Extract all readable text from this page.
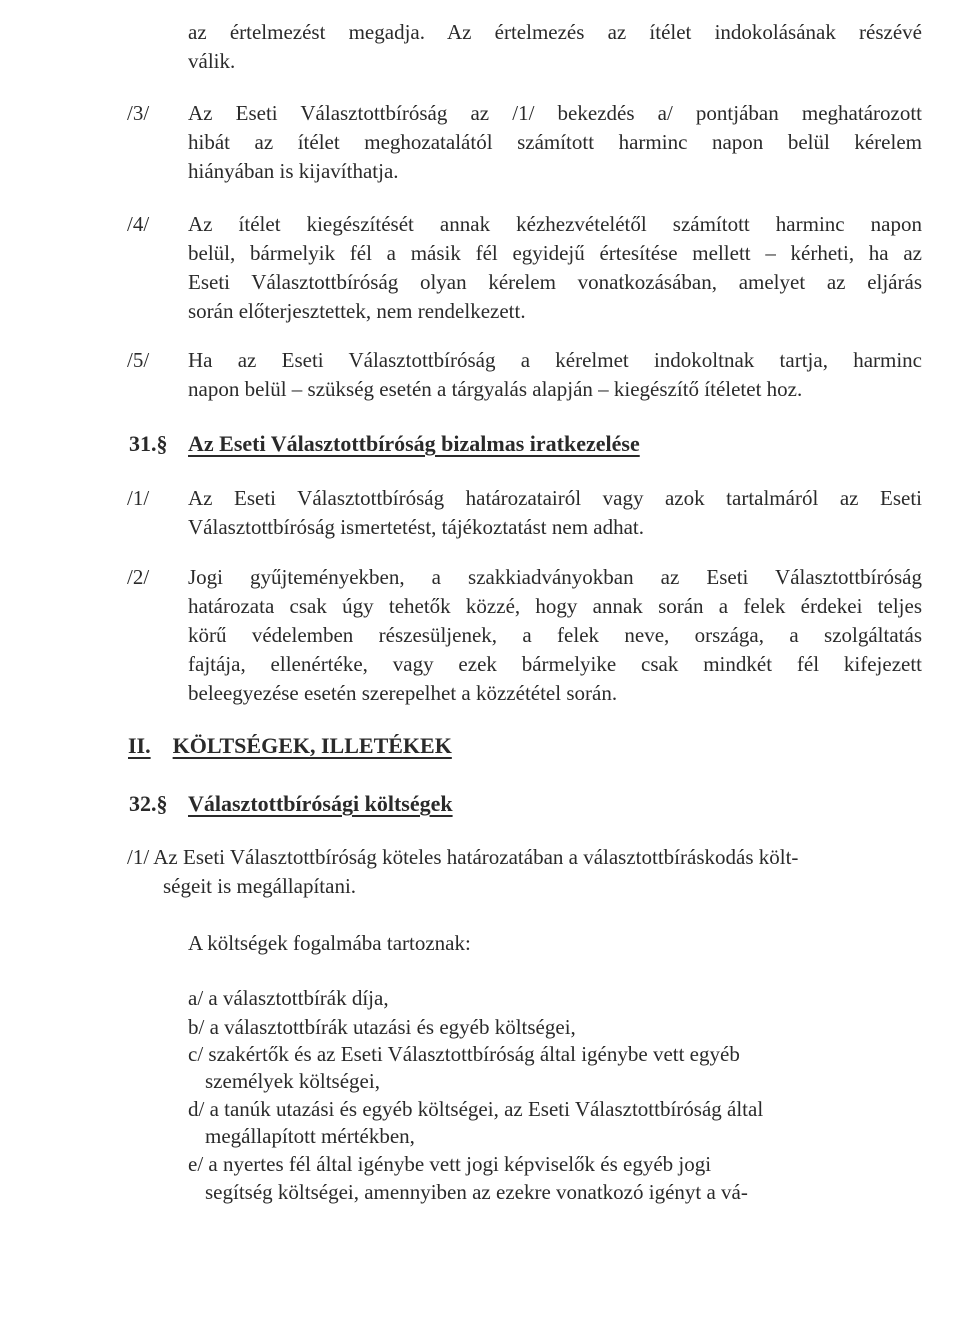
az értelmezést megadja. Az értelmezés az ítélet indokolásának részévé
válik.
/3/ Az Eseti Választottbíróság az /1/ bekezdés a/ pontjában meghatározott
hibát az ítélet meghozatalától számított harminc napon belül kérelem
hiányában is kijavíthatja.
/4/ Az ítélet kiegészítését annak kézhezvételétől számított harminc napon
belül, bármelyik fél a másik fél egyidejű értesítése mellett – kérheti, ha az
Eseti Választottbíróság olyan kérelem vonatkozásában, amelyet az eljárás
során előterjesztettek, nem rendelkezett.
/5/ Ha az Eseti Választottbíróság a kérelmet indokoltnak tartja, harminc
napon belül – szükség esetén a tárgyalás alapján – kiegészítő ítéletet hoz.
31.§ Az Eseti Választottbíróság bizalmas iratkezelése
/1/ Az Eseti Választottbíróság határozatairól vagy azok tartalmáról az Eseti
Választottbíróság ismertetést, tájékoztatást nem adhat.
/2/ Jogi gyűjteményekben, a szakkiadványokban az Eseti Választottbíróság
határozata csak úgy tehetők közzé, hogy annak során a felek érdekei teljes
körű védelemben részesüljenek, a felek neve, országa, a szolgáltatás
fajtája, ellenértéke, vagy ezek bármelyike csak mindkét fél kifejezett
beleegyezése esetén szerepelhet a közzététel során.
II. KÖLTSÉGEK, ILLETÉKEK
32.§ Választottbírósági költségek
/1/ Az Eseti Választottbíróság köteles határozatában a választottbíráskodás költ-
ségeit is megállapítani.
A költségek fogalmába tartoznak:
a/ a választottbírák díja,
b/ a választottbírák utazási és egyéb költségei,
c/ szakértők és az Eseti Választottbíróság által igénybe vett egyéb
személyek költségei,
d/ a tanúk utazási és egyéb költségei, az Eseti Választottbíróság által
megállapított mértékben,
e/ a nyertes fél által igénybe vett jogi képviselők és egyéb jogi
segítség költségei, amennyiben az ezekre vonatkozó igényt a vá-
